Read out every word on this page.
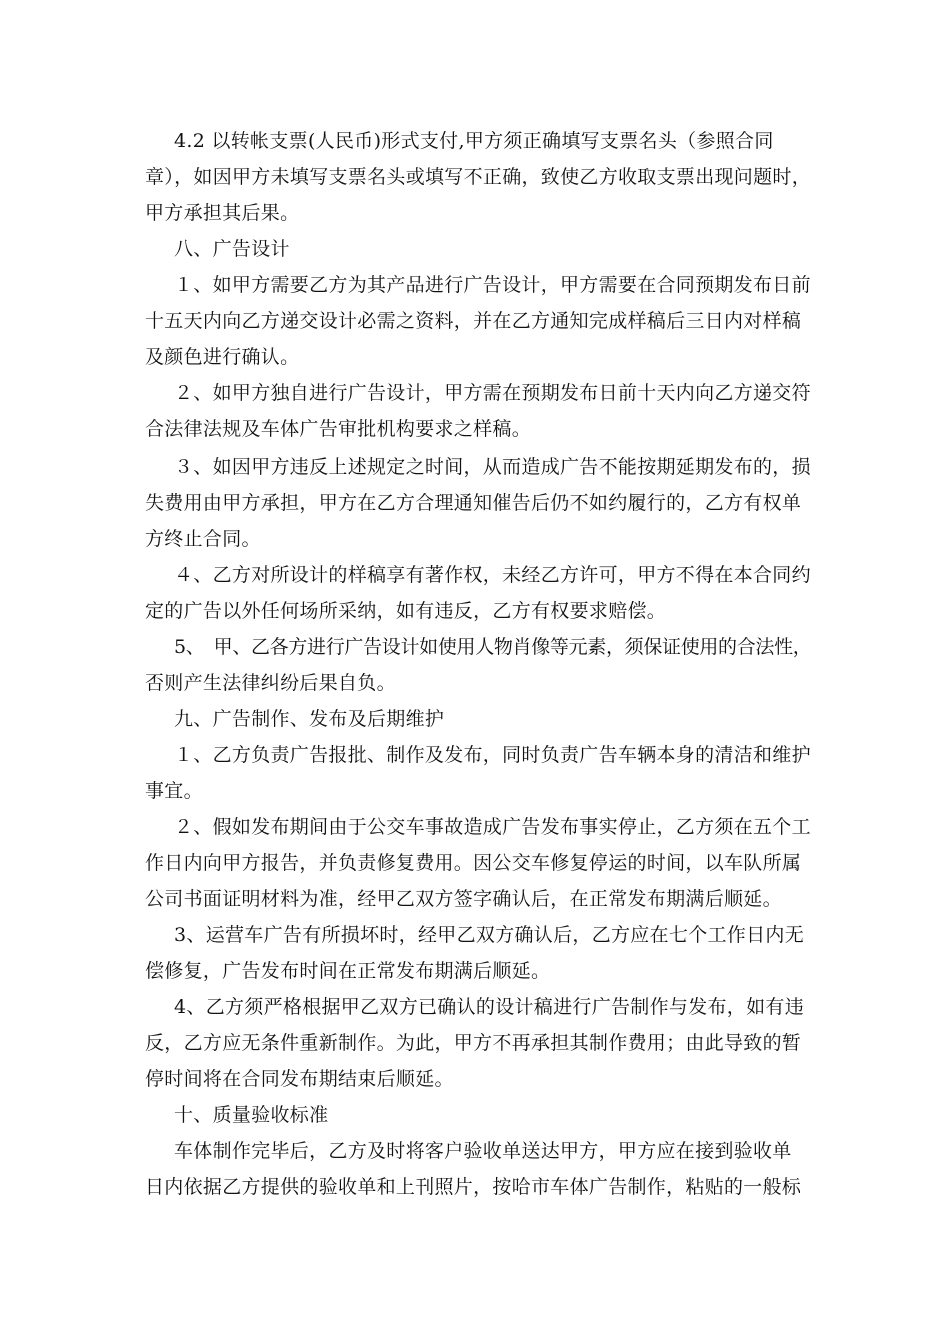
4.2 以转帐支票(人民币)形式支付,甲方须正确填写支票名头（参照合同

章），如因甲方未填写支票名头或填写不正确，致使乙方收取支票出现问题时，

甲方承担其后果。

八、广告设计

１、如甲方需要乙方为其产品进行广告设计，甲方需要在合同预期发布日前

十五天内向乙方递交设计必需之资料，并在乙方通知完成样稿后三日内对样稿

及颜色进行确认。

２、如甲方独自进行广告设计，甲方需在预期发布日前十天内向乙方递交符

合法律法规及车体广告审批机构要求之样稿。

３、如因甲方违反上述规定之时间，从而造成广告不能按期延期发布的，损

失费用由甲方承担，甲方在乙方合理通知催告后仍不如约履行的，乙方有权单

方终止合同。

４、乙方对所设计的样稿享有著作权，未经乙方许可，甲方不得在本合同约

定的广告以外任何场所采纳，如有违反，乙方有权要求赔偿。

5、　甲、乙各方进行广告设计如使用人物肖像等元素，须保证使用的合法性，

否则产生法律纠纷后果自负。

九、广告制作、发布及后期维护

１、乙方负责广告报批、制作及发布，同时负责广告车辆本身的清洁和维护

事宜。

２、假如发布期间由于公交车事故造成广告发布事实停止，乙方须在五个工

作日内向甲方报告，并负责修复费用。因公交车修复停运的时间，以车队所属

公司书面证明材料为准，经甲乙双方签字确认后，在正常发布期满后顺延。

3、运营车广告有所损坏时，经甲乙双方确认后，乙方应在七个工作日内无

偿修复，广告发布时间在正常发布期满后顺延。

4、乙方须严格根据甲乙双方已确认的设计稿进行广告制作与发布，如有违

反，乙方应无条件重新制作。为此，甲方不再承担其制作费用；由此导致的暂

停时间将在合同发布期结束后顺延。

十、质量验收标准

车体制作完毕后，乙方及时将客户验收单送达甲方，甲方应在接到验收单

日内依据乙方提供的验收单和上刊照片，按哈市车体广告制作，粘贴的一般标
